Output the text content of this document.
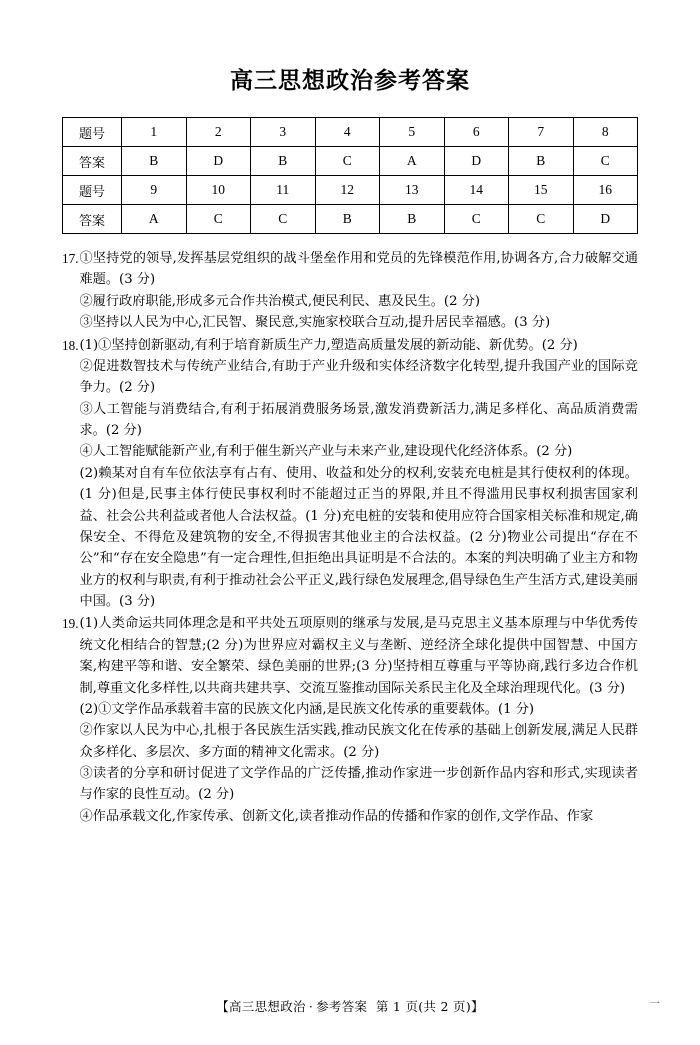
高三思想政治参考答案
题号	1	2	3	4	5	6	7	8
答案	B	D	B	C	A	D	B	C
题号	9	10	11	12	13	14	15	16
答案	A	C	C	B	B	C	C	D
17. ①坚持党的领导,发挥基层党组织的战斗堡垒作用和党员的先锋模范作用,协调各方,合力破解交通难题。(3 分)
②履行政府职能,形成多元合作共治模式,便民利民、惠及民生。(2 分)
③坚持以人民为中心,汇民智、聚民意,实施家校联合互动,提升居民幸福感。(3 分)
18. (1)①坚持创新驱动,有利于培育新质生产力,塑造高质量发展的新动能、新优势。(2 分)
②促进数智技术与传统产业结合,有助于产业升级和实体经济数字化转型,提升我国产业的国际竞争力。(2 分)
③人工智能与消费结合,有利于拓展消费服务场景,激发消费新活力,满足多样化、高品质消费需求。(2 分)
④人工智能赋能新产业,有利于催生新兴产业与未来产业,建设现代化经济体系。(2 分)
(2)赖某对自有车位依法享有占有、使用、收益和处分的权利,安装充电桩是其行使权利的体现。(1 分)但是,民事主体行使民事权利时不能超过正当的界限,并且不得滥用民事权利损害国家利益、社会公共利益或者他人合法权益。(1 分)充电桩的安装和使用应符合国家相关标准和规定,确保安全、不得危及建筑物的安全,不得损害其他业主的合法权益。(2 分)物业公司提出“存在不公”和“存在安全隐患”有一定合理性,但拒绝出具证明是不合法的。本案的判决明确了业主方和物业方的权利与职责,有利于推动社会公平正义,践行绿色发展理念,倡导绿色生产生活方式,建设美丽中国。(3 分)
19. (1)人类命运共同体理念是和平共处五项原则的继承与发展,是马克思主义基本原理与中华优秀传统文化相结合的智慧;(2 分)为世界应对霸权主义与垄断、逆经济全球化提供中国智慧、中国方案,构建平等和谐、安全繁荣、绿色美丽的世界;(3 分)坚持相互尊重与平等协商,践行多边合作机制,尊重文化多样性,以共商共建共享、交流互鉴推动国际关系民主化及全球治理现代化。(3 分)
(2)①文学作品承载着丰富的民族文化内涵,是民族文化传承的重要载体。(1 分)
②作家以人民为中心,扎根于各民族生活实践,推动民族文化在传承的基础上创新发展,满足人民群众多样化、多层次、多方面的精神文化需求。(2 分)
③读者的分享和研讨促进了文学作品的广泛传播,推动作家进一步创新作品内容和形式,实现读者与作家的良性互动。(2 分)
④作品承载文化,作家传承、创新文化,读者推动作品的传播和作家的创作,文学作品、作家
【高三思想政治 · 参考答案 第 1 页(共 2 页)】	一
